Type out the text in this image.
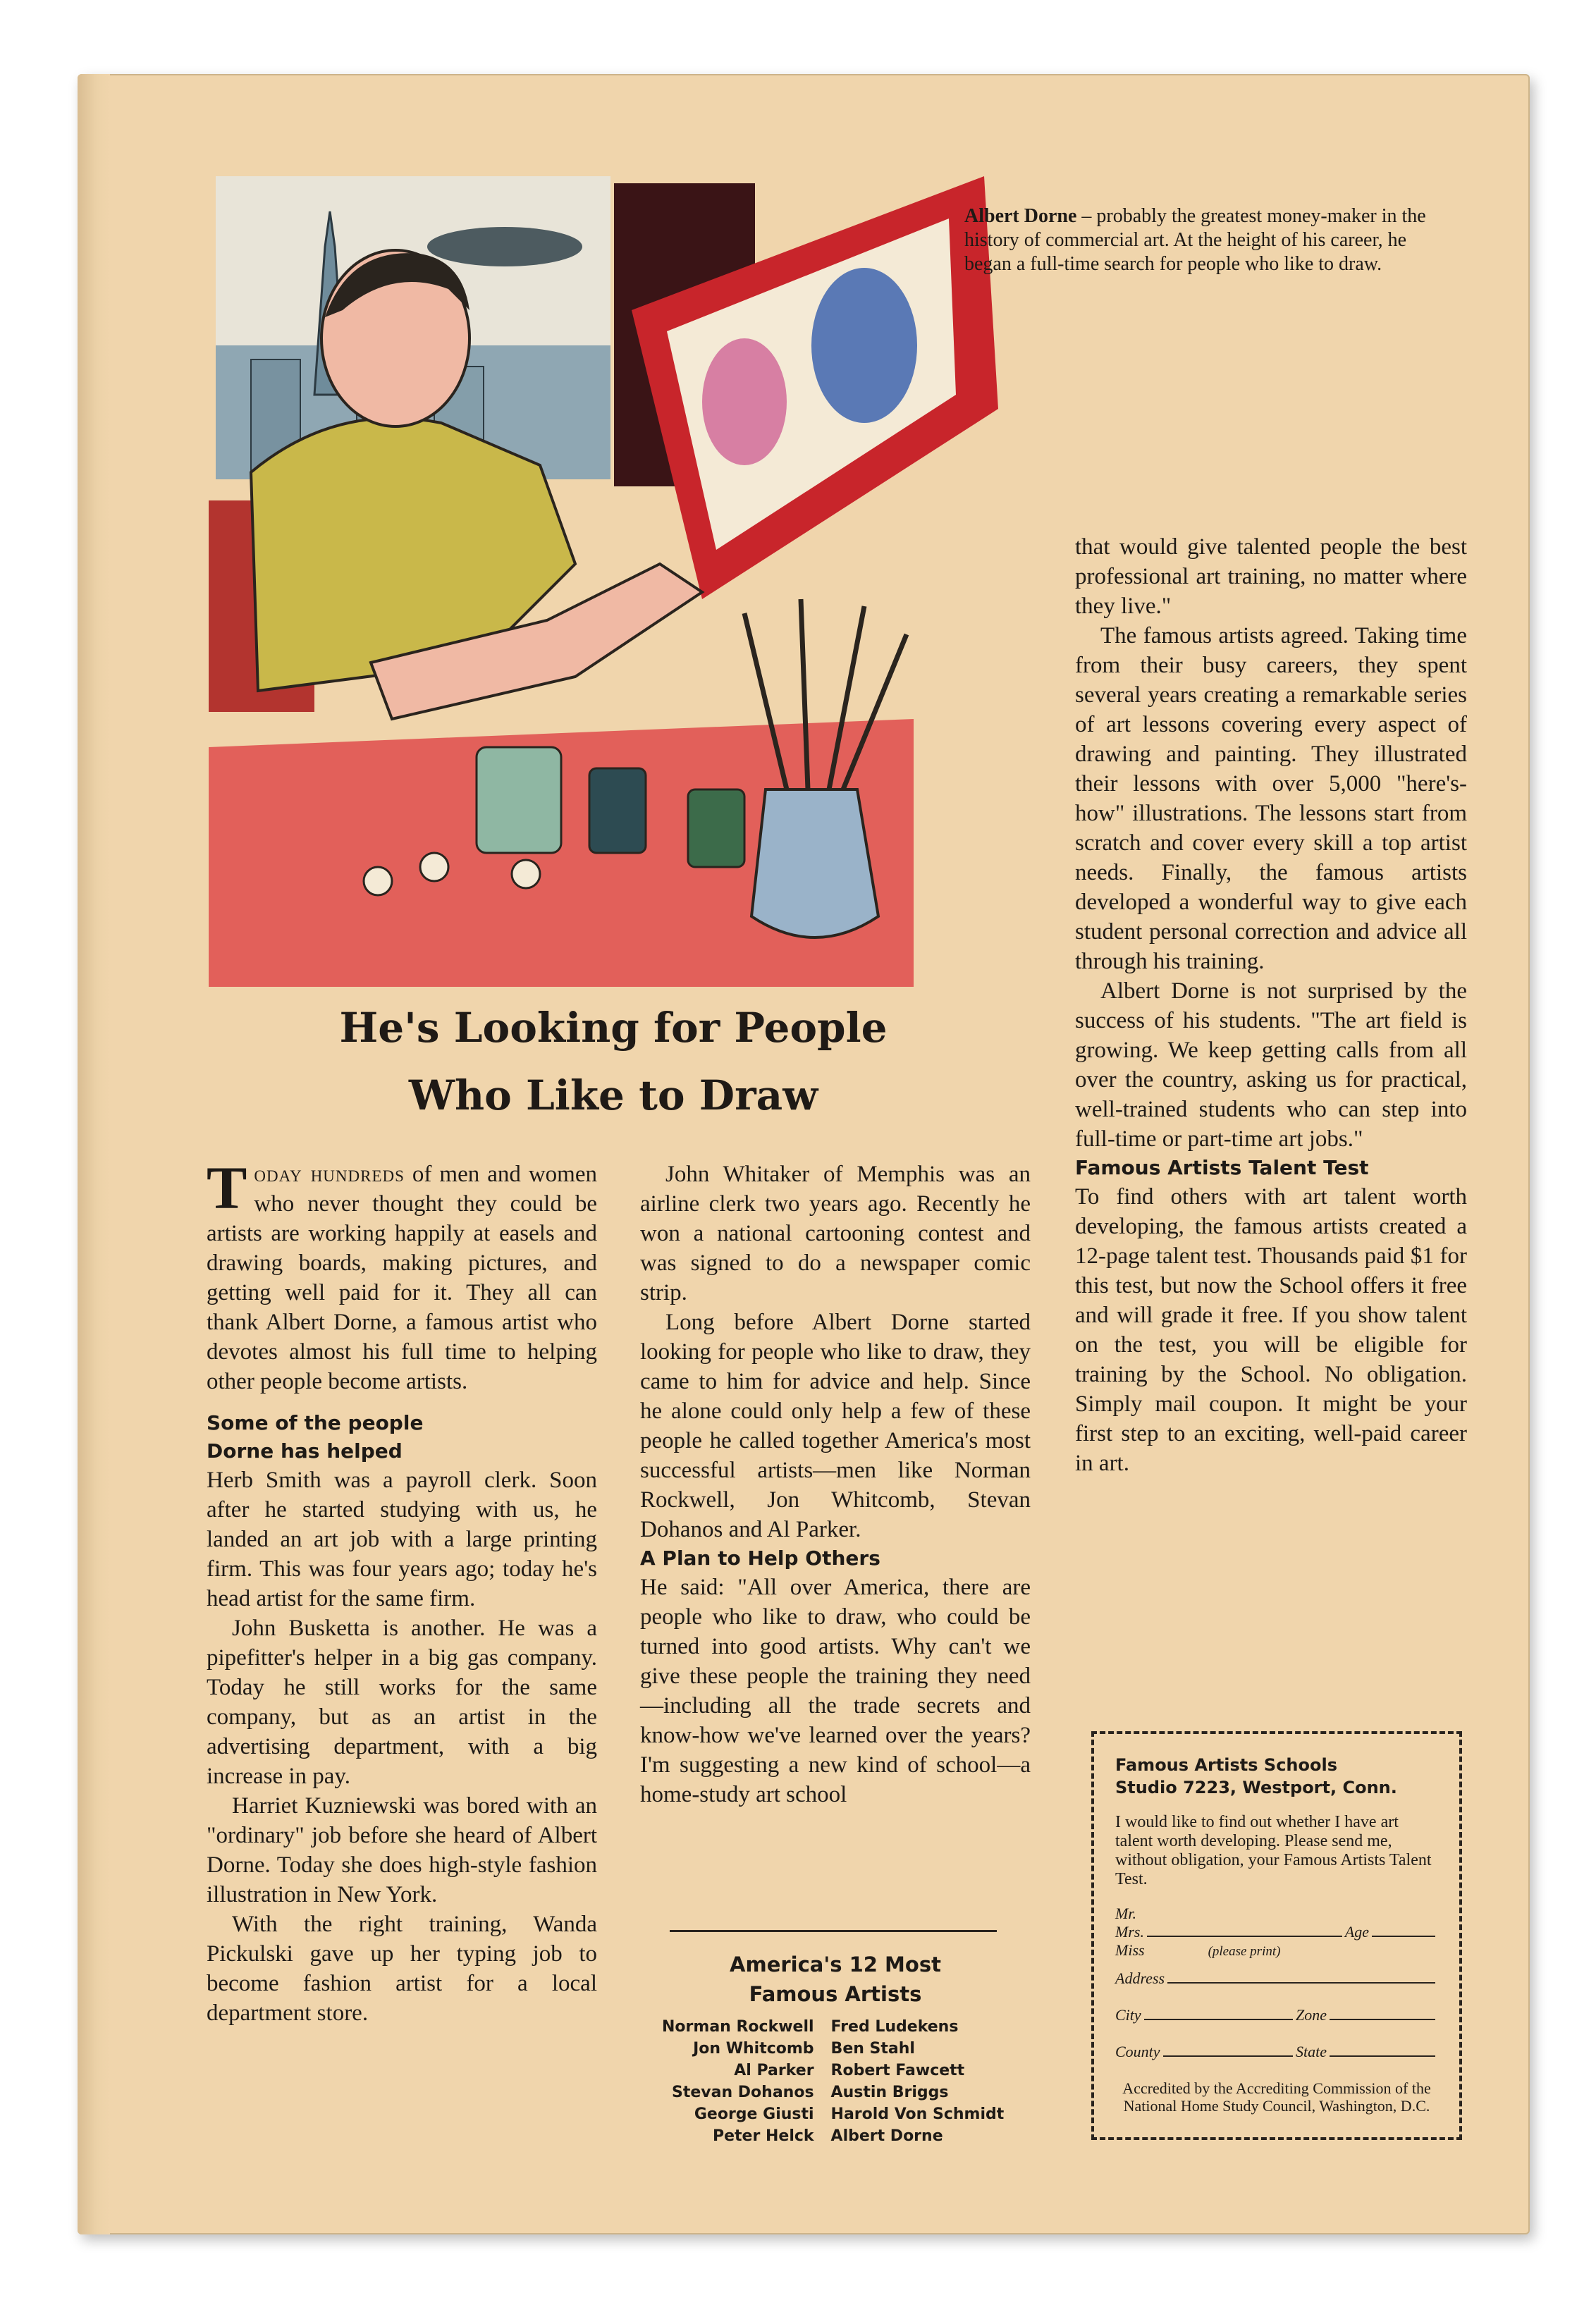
Albert Dorne – probably the greatest money-maker in the history of commercial art. At the height of his career, he began a full-time search for people who like to draw.
He's Looking for People
Who Like to Draw

Today hundreds of men and women who never thought they could be artists are working happily at easels and drawing boards, making pictures, and getting well paid for it. They all can thank Albert Dorne, a famous artist who devotes almost his full time to helping other people become artists.

Some of the people
Dorne has helped

Herb Smith was a payroll clerk. Soon after he started studying with us, he landed an art job with a large printing firm. This was four years ago; today he's head artist for the same firm.

John Busketta is another. He was a pipefitter's helper in a big gas company. Today he still works for the same company, but as an artist in the advertising department, with a big increase in pay.

Harriet Kuzniewski was bored with an "ordinary" job before she heard of Albert Dorne. Today she does high-style fashion illustration in New York.

With the right training, Wanda Pickulski gave up her typing job to become fashion artist for a local department store.

John Whitaker of Memphis was an airline clerk two years ago. Recently he won a national cartooning contest and was signed to do a newspaper comic strip.

Long before Albert Dorne started looking for people who like to draw, they came to him for advice and help. Since he alone could only help a few of these people he called together America's most successful artists—men like Norman Rockwell, Jon Whitcomb, Stevan Dohanos and Al Parker.

A Plan to Help Others

He said: "All over America, there are people who like to draw, who could be turned into good artists. Why can't we give these people the training they need—including all the trade secrets and know-how we've learned over the years? I'm suggesting a new kind of school—a home-study art school

that would give talented people the best professional art training, no matter where they live."

The famous artists agreed. Taking time from their busy careers, they spent several years creating a remarkable series of art lessons covering every aspect of drawing and painting. They illustrated their lessons with over 5,000 "here's-how" illustrations. The lessons start from scratch and cover every skill a top artist needs. Finally, the famous artists developed a wonderful way to give each student personal correction and advice all through his training.

Albert Dorne is not surprised by the success of his students. "The art field is growing. We keep getting calls from all over the country, asking us for practical, well-trained students who can step into full-time or part-time art jobs."

Famous Artists Talent Test

To find others with art talent worth developing, the famous artists created a 12-page talent test. Thousands paid $1 for this test, but now the School offers it free and will grade it free. If you show talent on the test, you will be eligible for training by the School. No obligation. Simply mail coupon. It might be your first step to an exciting, well-paid career in art.

America's 12 Most
Famous Artists
Norman Rockwell	Fred Ludekens
Jon Whitcomb	Ben Stahl
Al Parker	Robert Fawcett
Stevan Dohanos	Austin Briggs
George Giusti	Harold Von Schmidt
Peter Helck	Albert Dorne
Famous Artists Schools
Studio 7223, Westport, Conn.
I would like to find out whether I have art talent worth developing. Please send me, without obligation, your Famous Artists Talent Test.
Mr.
Mrs.	Age
Miss	(please print)
Address
City	Zone
County	State
Accredited by the Accrediting Commission of the National Home Study Council, Washington, D.C.
